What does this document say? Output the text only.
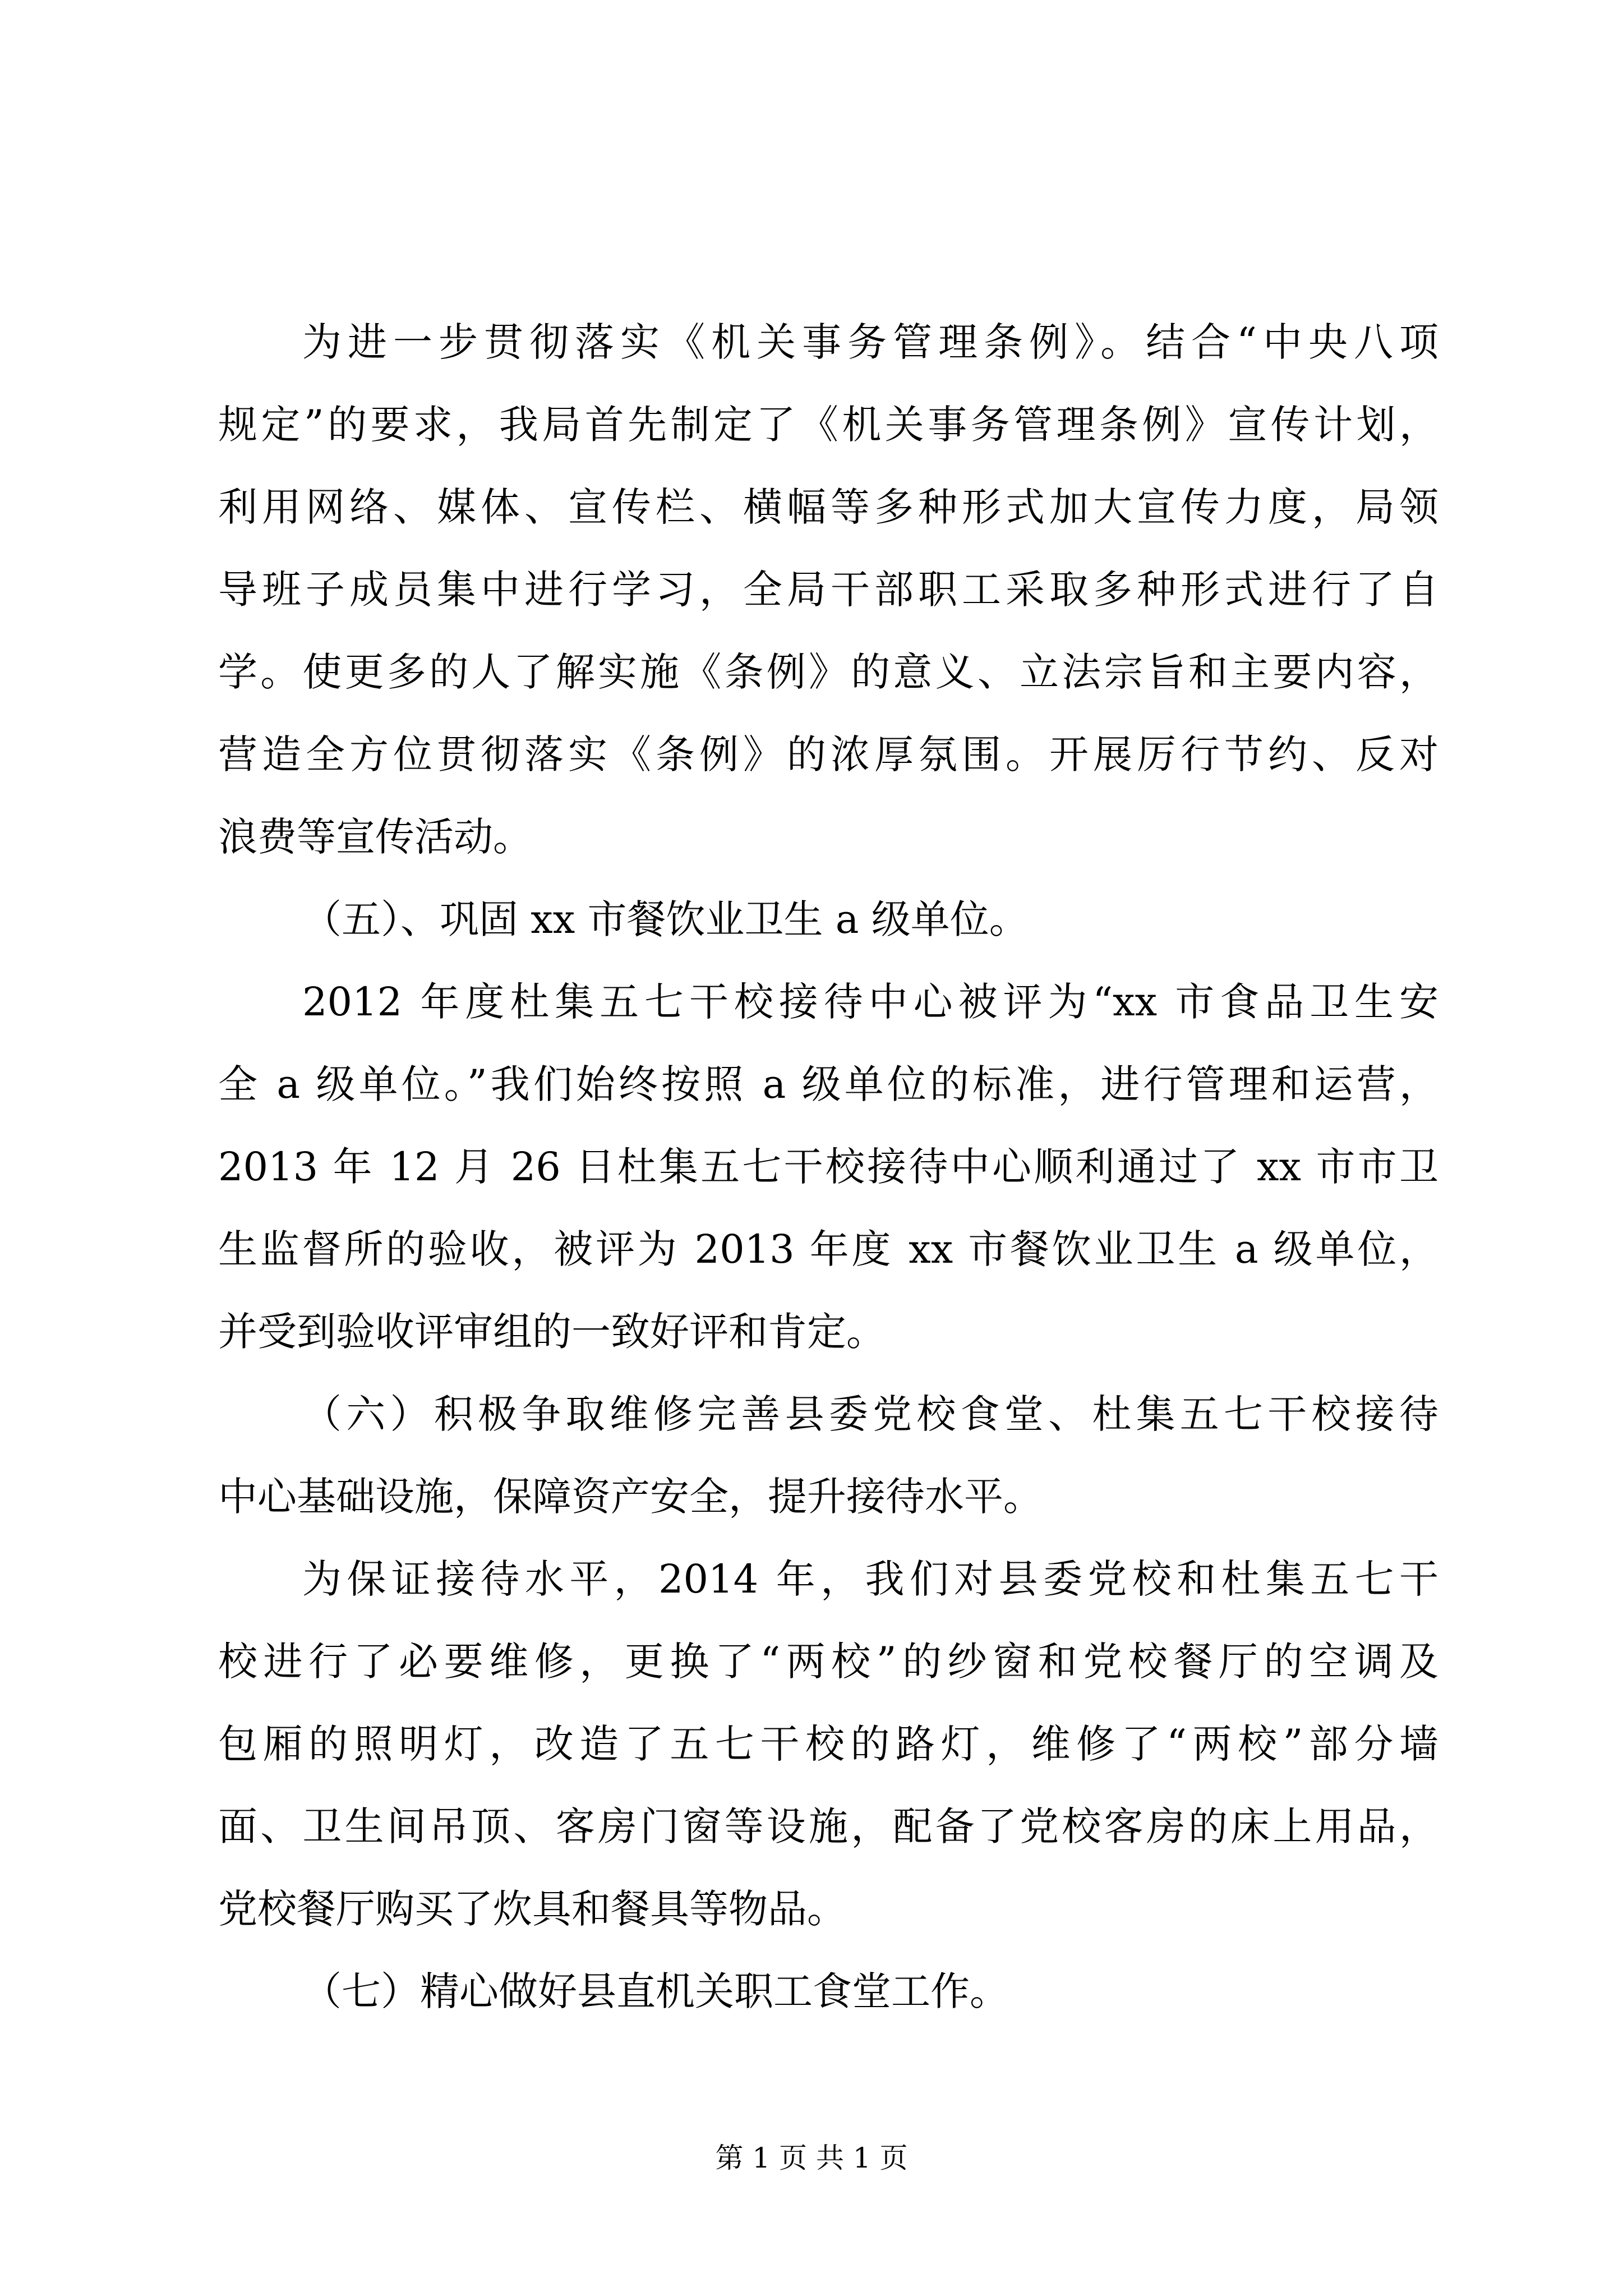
为进一步贯彻落实《机关事务管理条例》。结合“中央八项
规定”的要求，我局首先制定了《机关事务管理条例》宣传计划，
利用网络、媒体、宣传栏、横幅等多种形式加大宣传力度，局领
导班子成员集中进行学习，全局干部职工采取多种形式进行了自
学。使更多的人了解实施《条例》的意义、立法宗旨和主要内容，
营造全方位贯彻落实《条例》的浓厚氛围。开展厉行节约、反对
浪费等宣传活动。
（五）、巩固 xx 市餐饮业卫生 a 级单位。
2012 年度杜集五七干校接待中心被评为“xx 市食品卫生安
全 a 级单位。”我们始终按照 a 级单位的标准，进行管理和运营，
2013 年 12 月 26 日杜集五七干校接待中心顺利通过了 xx 市市卫
生监督所的验收，被评为 2013 年度 xx 市餐饮业卫生 a 级单位，
并受到验收评审组的一致好评和肯定。
（六）积极争取维修完善县委党校食堂、杜集五七干校接待
中心基础设施，保障资产安全，提升接待水平。
为保证接待水平，2014 年，我们对县委党校和杜集五七干
校进行了必要维修，更换了“两校”的纱窗和党校餐厅的空调及
包厢的照明灯，改造了五七干校的路灯，维修了“两校”部分墙
面、卫生间吊顶、客房门窗等设施，配备了党校客房的床上用品，
党校餐厅购买了炊具和餐具等物品。
（七）精心做好县直机关职工食堂工作。
第 1 页 共 1 页
